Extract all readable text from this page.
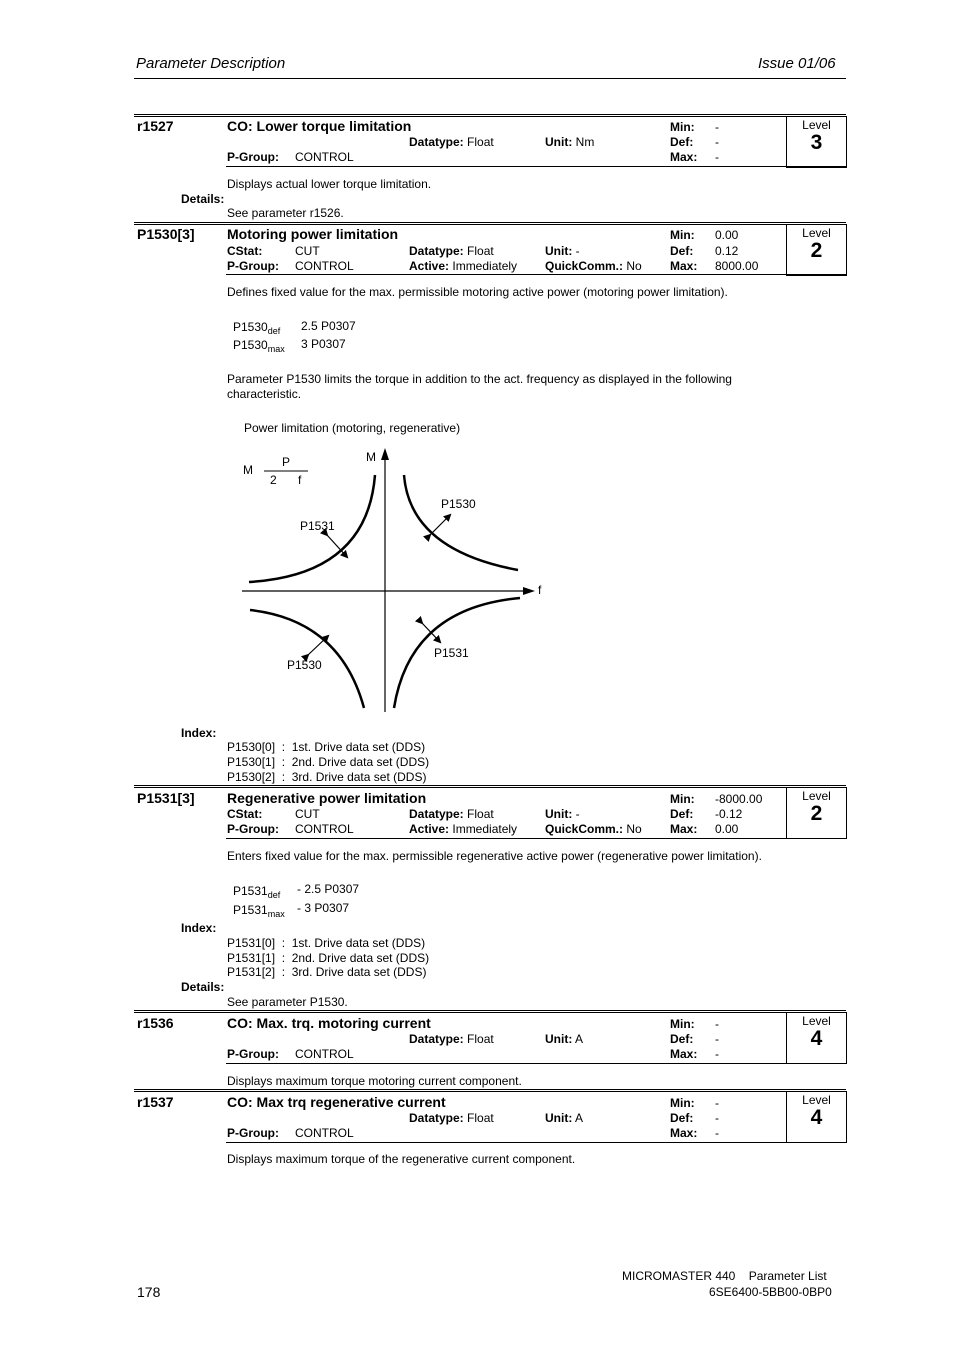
Parameter Description	Issue 01/06
r1527	CO: Lower torque limitation
Datatype: Float	Unit: Nm
P-Group: CONTROL
Min: -
Def: -
Max: -
Level
3
Displays actual lower torque limitation.
Details:
See parameter r1526.
P1530[3] Motoring power limitation
CStat:	CUT	Datatype: Float	Unit: -
P-Group: CONTROL	Active: Immediately QuickComm.: No
Min: 0.00
Def: 0.12
Max: 8000.00
Level
2
Defines fixed value for the max. permissible motoring active power (motoring power limitation).
$P1530_{def}$ 2.5 P0307
$P1530_{max}$ 3 P0307
Parameter P1530 limits the torque in addition to the act. frequency as displayed in the following
characteristic.
Power limitation (motoring, regenerative)
M
P
2 f
M
f
P1530
P1531
P1530
P1531
Index:
P1530[0] : 1st. Drive data set (DDS)
P1530[1] : 2nd. Drive data set (DDS)
P1530[2] : 3rd. Drive data set (DDS)
P1531[3] Regenerative power limitation
CStat:	CUT	Datatype: Float	Unit: -
P-Group: CONTROL	Active: Immediately QuickComm.: No
Min: -8000.00
Def: -0.12
Max: 0.00
Level
2
Enters fixed value for the max. permissible regenerative active power (regenerative power limitation).
$P1531_{def} - 2.5$ P0307
$P1531_{max} - 3$ P0307
Index:
P1531[0] : 1st. Drive data set (DDS)
P1531[1] : 2nd. Drive data set (DDS)
P1531[2] : 3rd. Drive data set (DDS)
Details:
See parameter P1530.
r1536	CO: Max. trq. motoring current
Datatype: Float	Unit: A
P-Group: CONTROL
Min: -
Def: -
Max: -
Level
4
Displays maximum torque motoring current component.
r1537	CO: Max trq regenerative current
Datatype: Float	Unit: A
P-Group: CONTROL
Min: -
Def: -
Max: -
Level
4
Displays maximum torque of the regenerative current component.
178
MICROMASTER 440 Parameter List
6SE6400-5BB00-0BP0
